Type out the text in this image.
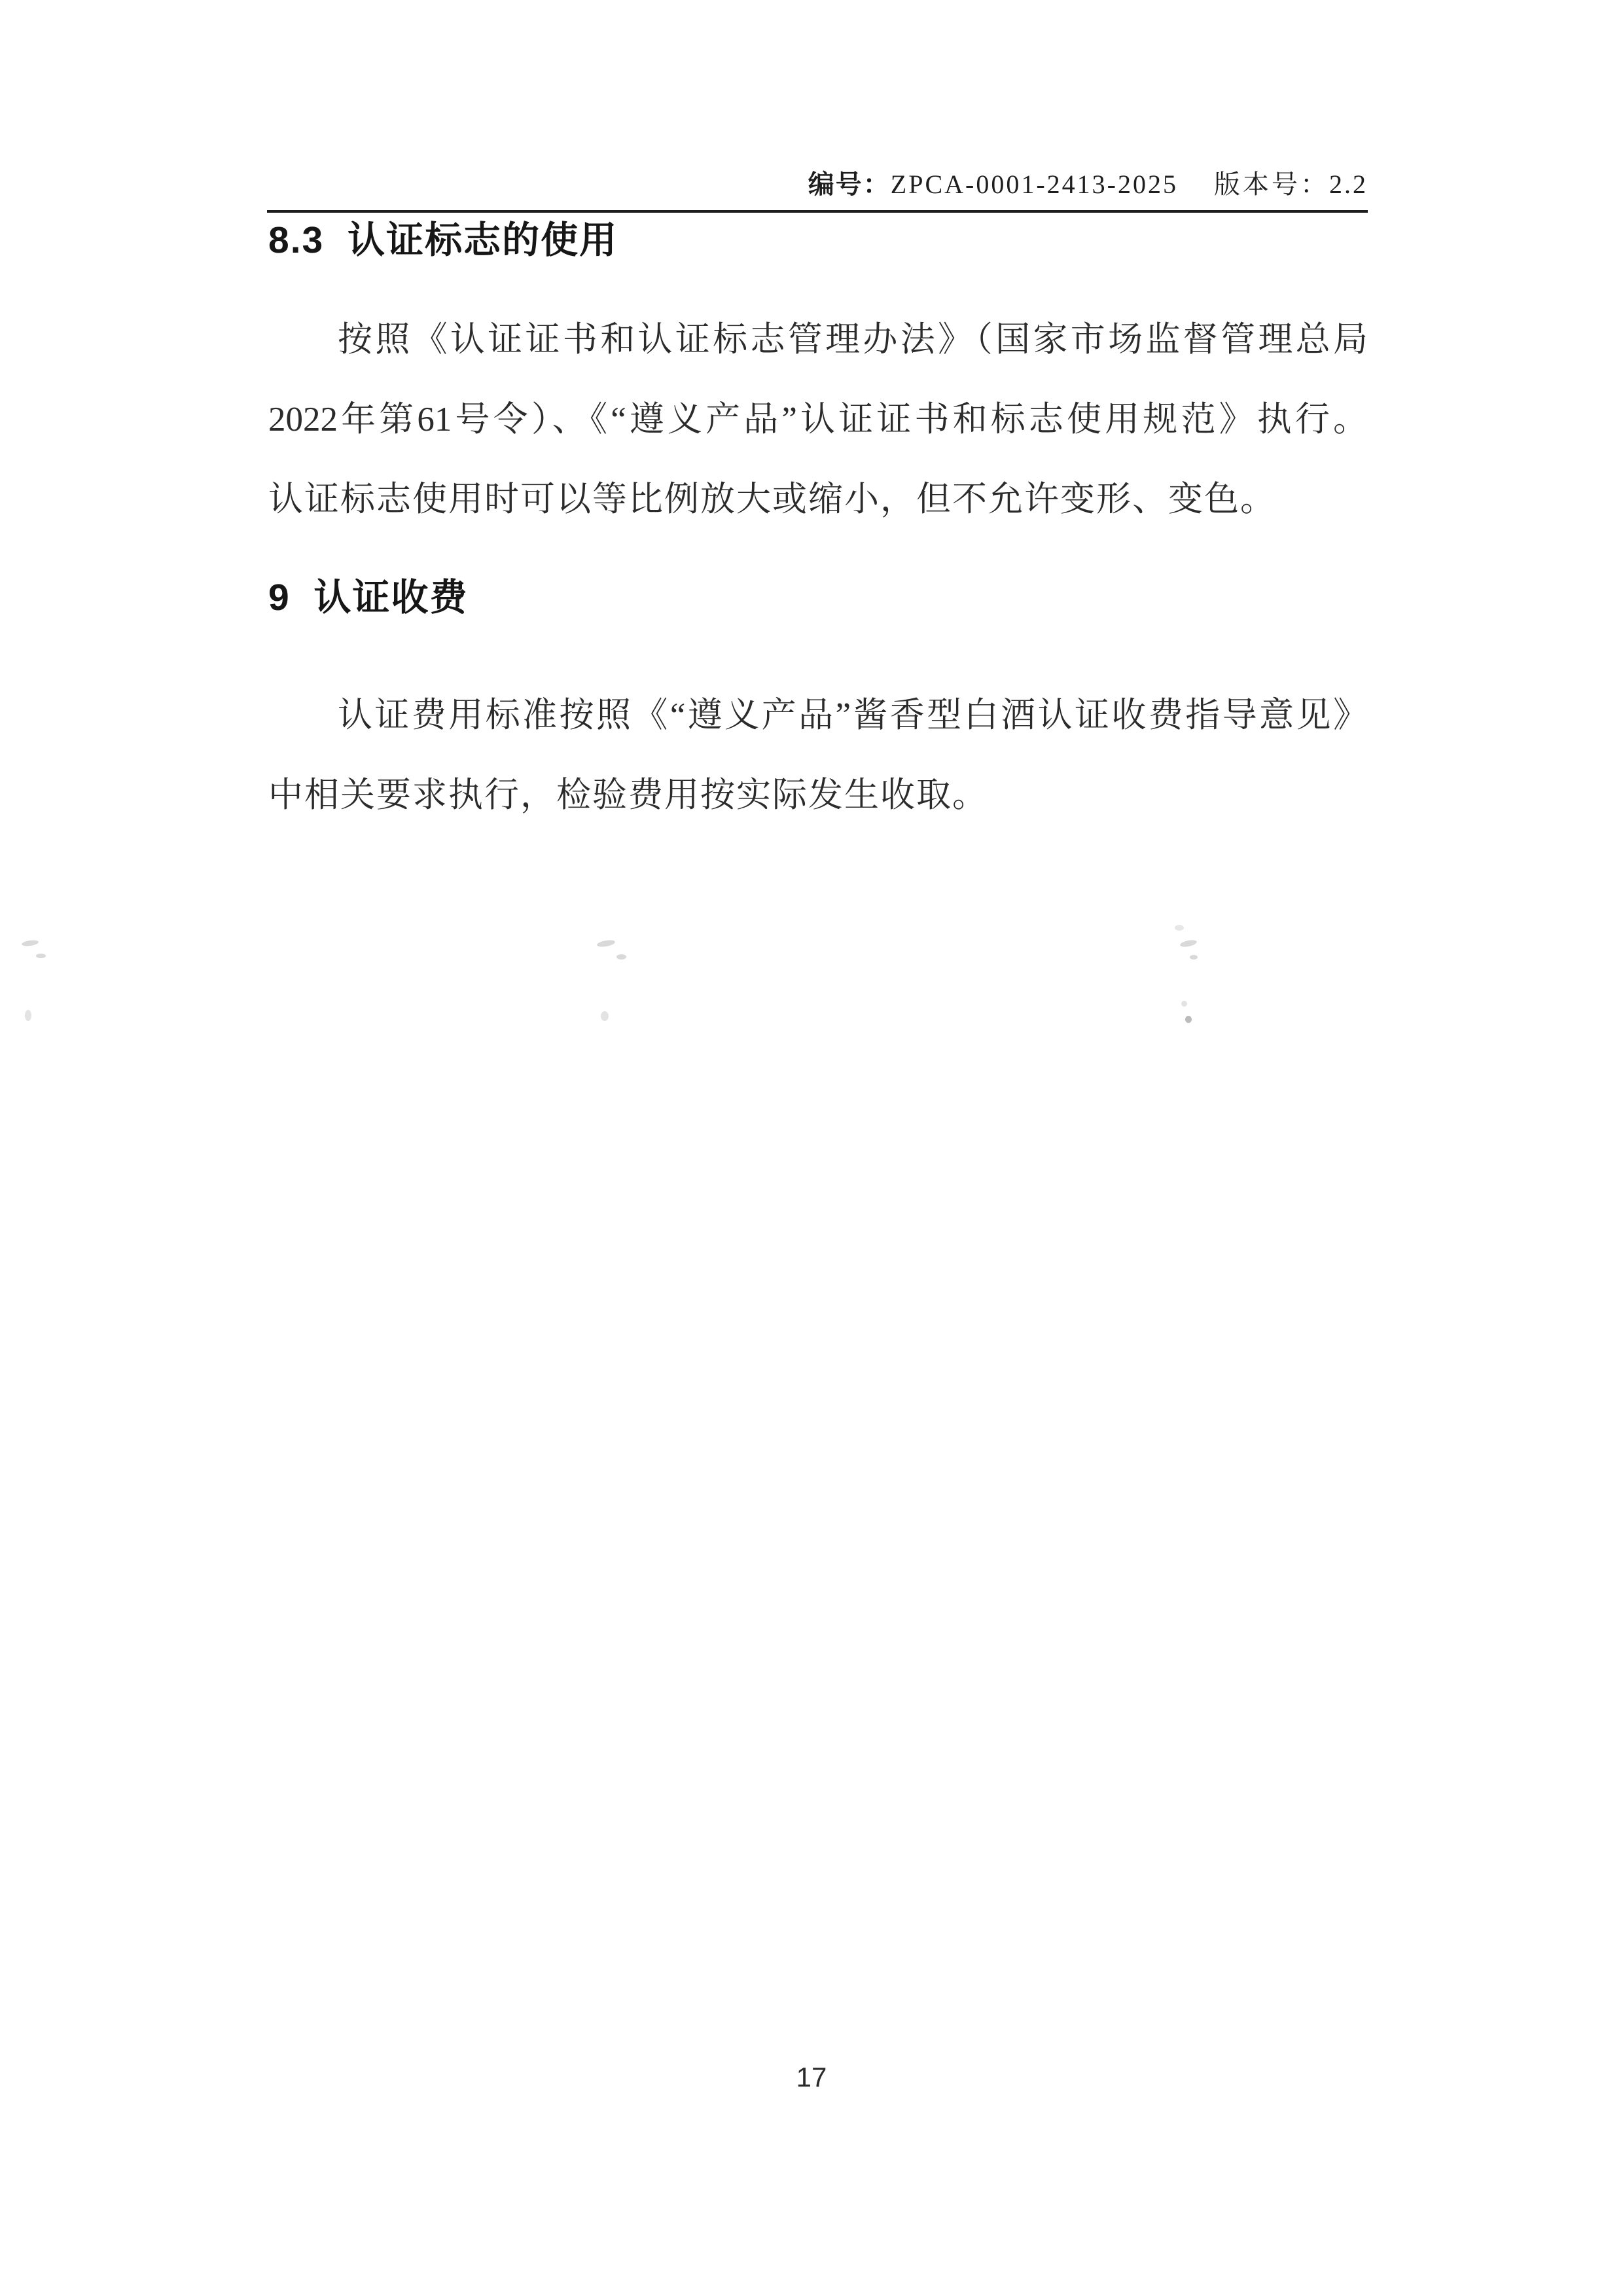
编号：ZPCA-0001-2413-2025 版本号：2.2
8.3 认证标志的使用
按照《认证证书和认证标志管理办法》（国家市场监督管理总局
2022年第61号令）、《“遵义产品”认证证书和标志使用规范》执行。
认证标志使用时可以等比例放大或缩小，但不允许变形、变色。
9 认证收费
认证费用标准按照《“遵义产品”酱香型白酒认证收费指导意见》
中相关要求执行，检验费用按实际发生收取。
17
